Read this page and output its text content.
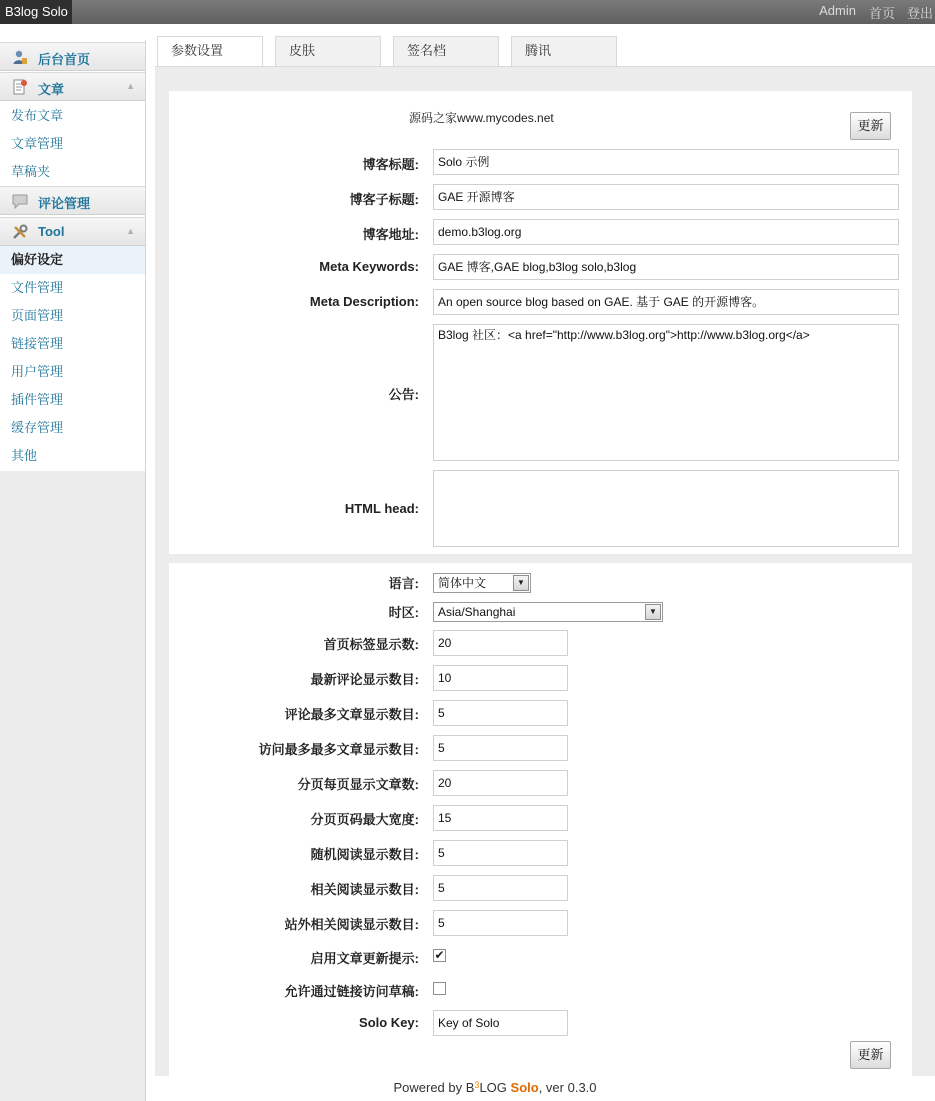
B3log Solo	Admin 首页 登出
后台首页
文章	▲
发布文章
文章管理
草稿夹
评论管理
Tool	▲
偏好设定
文件管理
页面管理
链接管理
用户管理
插件管理
缓存管理
其他
参数设置	皮肤	签名档	腾讯
源码之家www.mycodes.net	更新
博客标题:	Solo 示例
博客子标题:	GAE 开源博客
博客地址:	demo.b3log.org
Meta Keywords:	GAE 博客,GAE blog,b3log solo,b3log
Meta Description:	An open source blog based on GAE. 基于 GAE 的开源博客。
公告:
B3log 社区：<a href="http://www.b3log.org">http://www.b3log.org</a>
HTML head:
语言:	简体中文	▼
时区:	Asia/Shanghai	▼
首页标签显示数:	20
最新评论显示数目:	10
评论最多文章显示数目:	5
访问最多最多文章显示数目:	5
分页每页显示文章数:	20
分页页码最大宽度:	15
随机阅读显示数目:	5
相关阅读显示数目:	5
站外相关阅读显示数目:	5
启用文章更新提示: ✔
允许通过链接访问草稿:
Solo Key:	Key of Solo
更新
Powered by $B^3LOG$ Solo, ver 0.3.0
